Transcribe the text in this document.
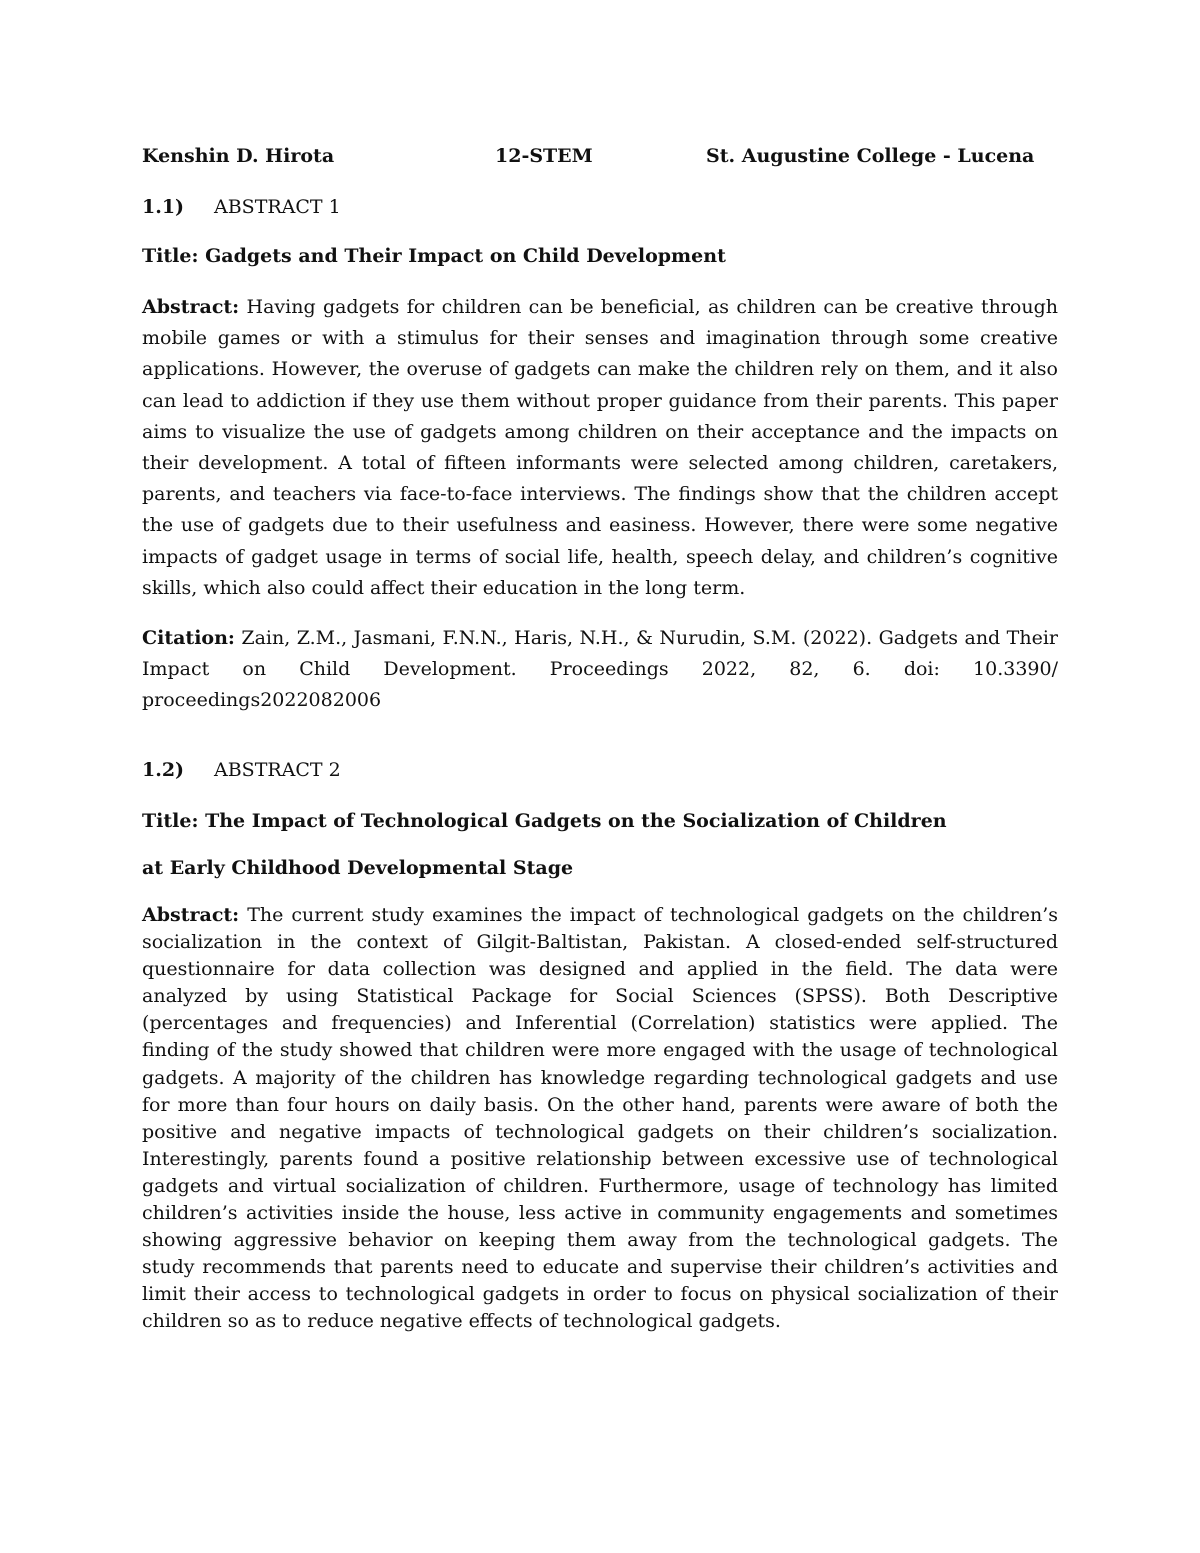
Kenshin D. Hirota	12-STEM	St. Augustine College - Lucena
1.1) ABSTRACT 1
Title: Gadgets and Their Impact on Child Development
Abstract: Having gadgets for children can be beneficial, as children can be creative through mobile games or with a stimulus for their senses and imagination through some creative applications. However, the overuse of gadgets can make the children rely on them, and it also can lead to addiction if they use them without proper guidance from their parents. This paper aims to visualize the use of gadgets among children on their acceptance and the impacts on their development. A total of fifteen informants were selected among children, caretakers, parents, and teachers via face-to-face interviews. The findings show that the children accept the use of gadgets due to their usefulness and easiness. However, there were some negative impacts of gadget usage in terms of social life, health, speech delay, and children’s cognitive skills, which also could affect their education in the long term.
Citation: Zain, Z.M., Jasmani, F.N.N., Haris, N.H., & Nurudin, S.M. (2022). Gadgets and Their Impact on Child Development. Proceedings 2022, 82, 6. doi: 10.3390/ proceedings2022082006
1.2) ABSTRACT 2
Title: The Impact of Technological Gadgets on the Socialization of Children
at Early Childhood Developmental Stage
Abstract: The current study examines the impact of technological gadgets on the children’s socialization in the context of Gilgit-Baltistan, Pakistan. A closed-ended self-structured questionnaire for data collection was designed and applied in the field. The data were analyzed by using Statistical Package for Social Sciences (SPSS). Both Descriptive (percentages and frequencies) and Inferential (Correlation) statistics were applied. The finding of the study showed that children were more engaged with the usage of technological gadgets. A majority of the children has knowledge regarding technological gadgets and use for more than four hours on daily basis. On the other hand, parents were aware of both the positive and negative impacts of technological gadgets on their children’s socialization. Interestingly, parents found a positive relationship between excessive use of technological gadgets and virtual socialization of children. Furthermore, usage of technology has limited children’s activities inside the house, less active in community engagements and sometimes showing aggressive behavior on keeping them away from the technological gadgets. The study recommends that parents need to educate and supervise their children’s activities and limit their access to technological gadgets in order to focus on physical socialization of their children so as to reduce negative effects of technological gadgets.
